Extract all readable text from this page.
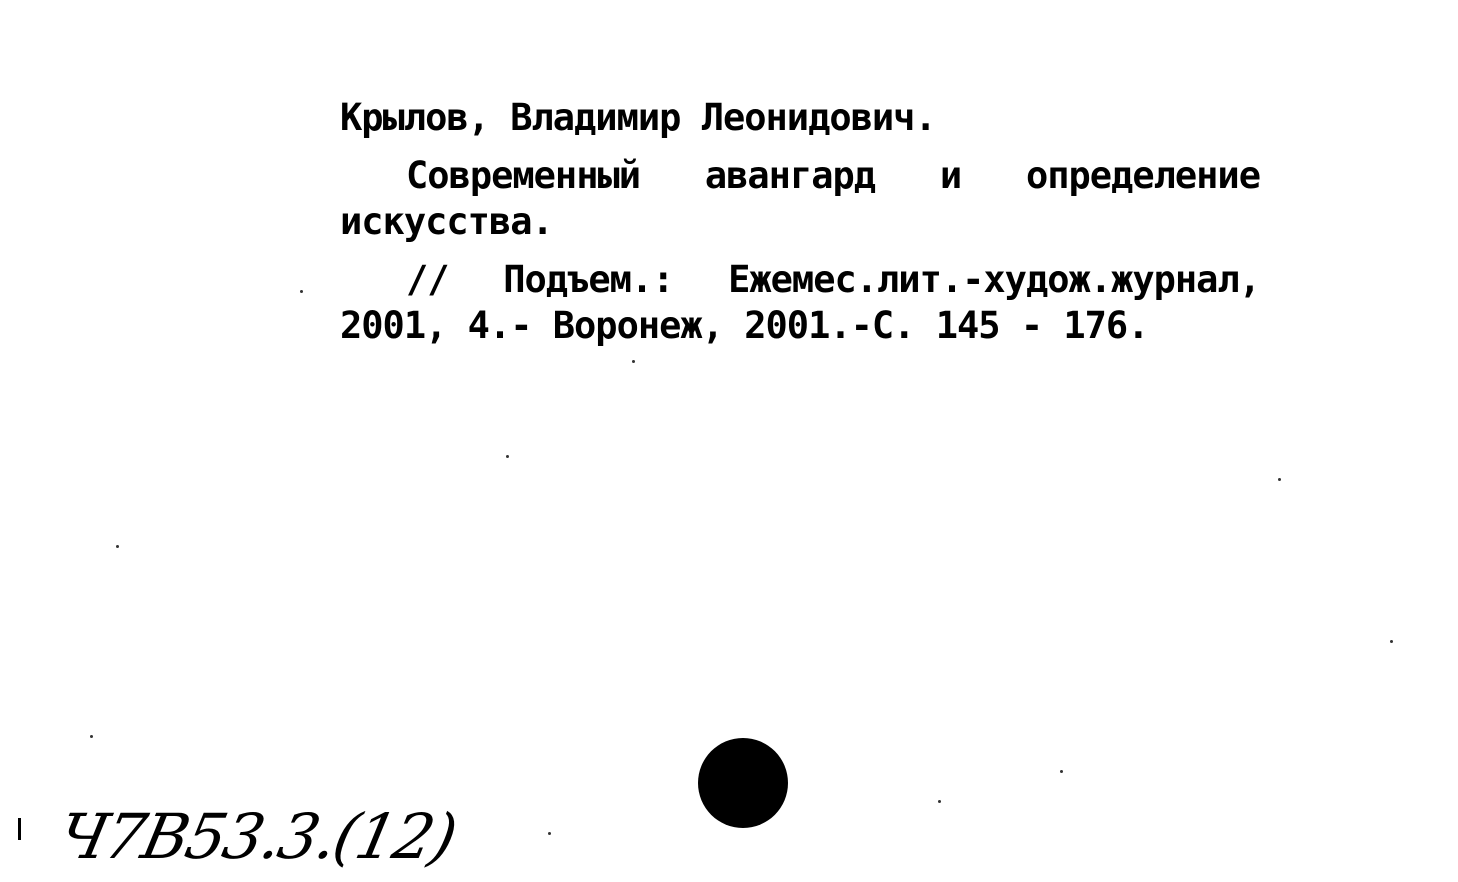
Крылов, Владимир Леонидович.
Современный авангард и определение
искусства.
// Подъем.: Ежемес.лит.-худож.журнал,
2001, 4.- Воронеж, 2001.-С. 145 - 176.
Ч7В53.3.(12)
